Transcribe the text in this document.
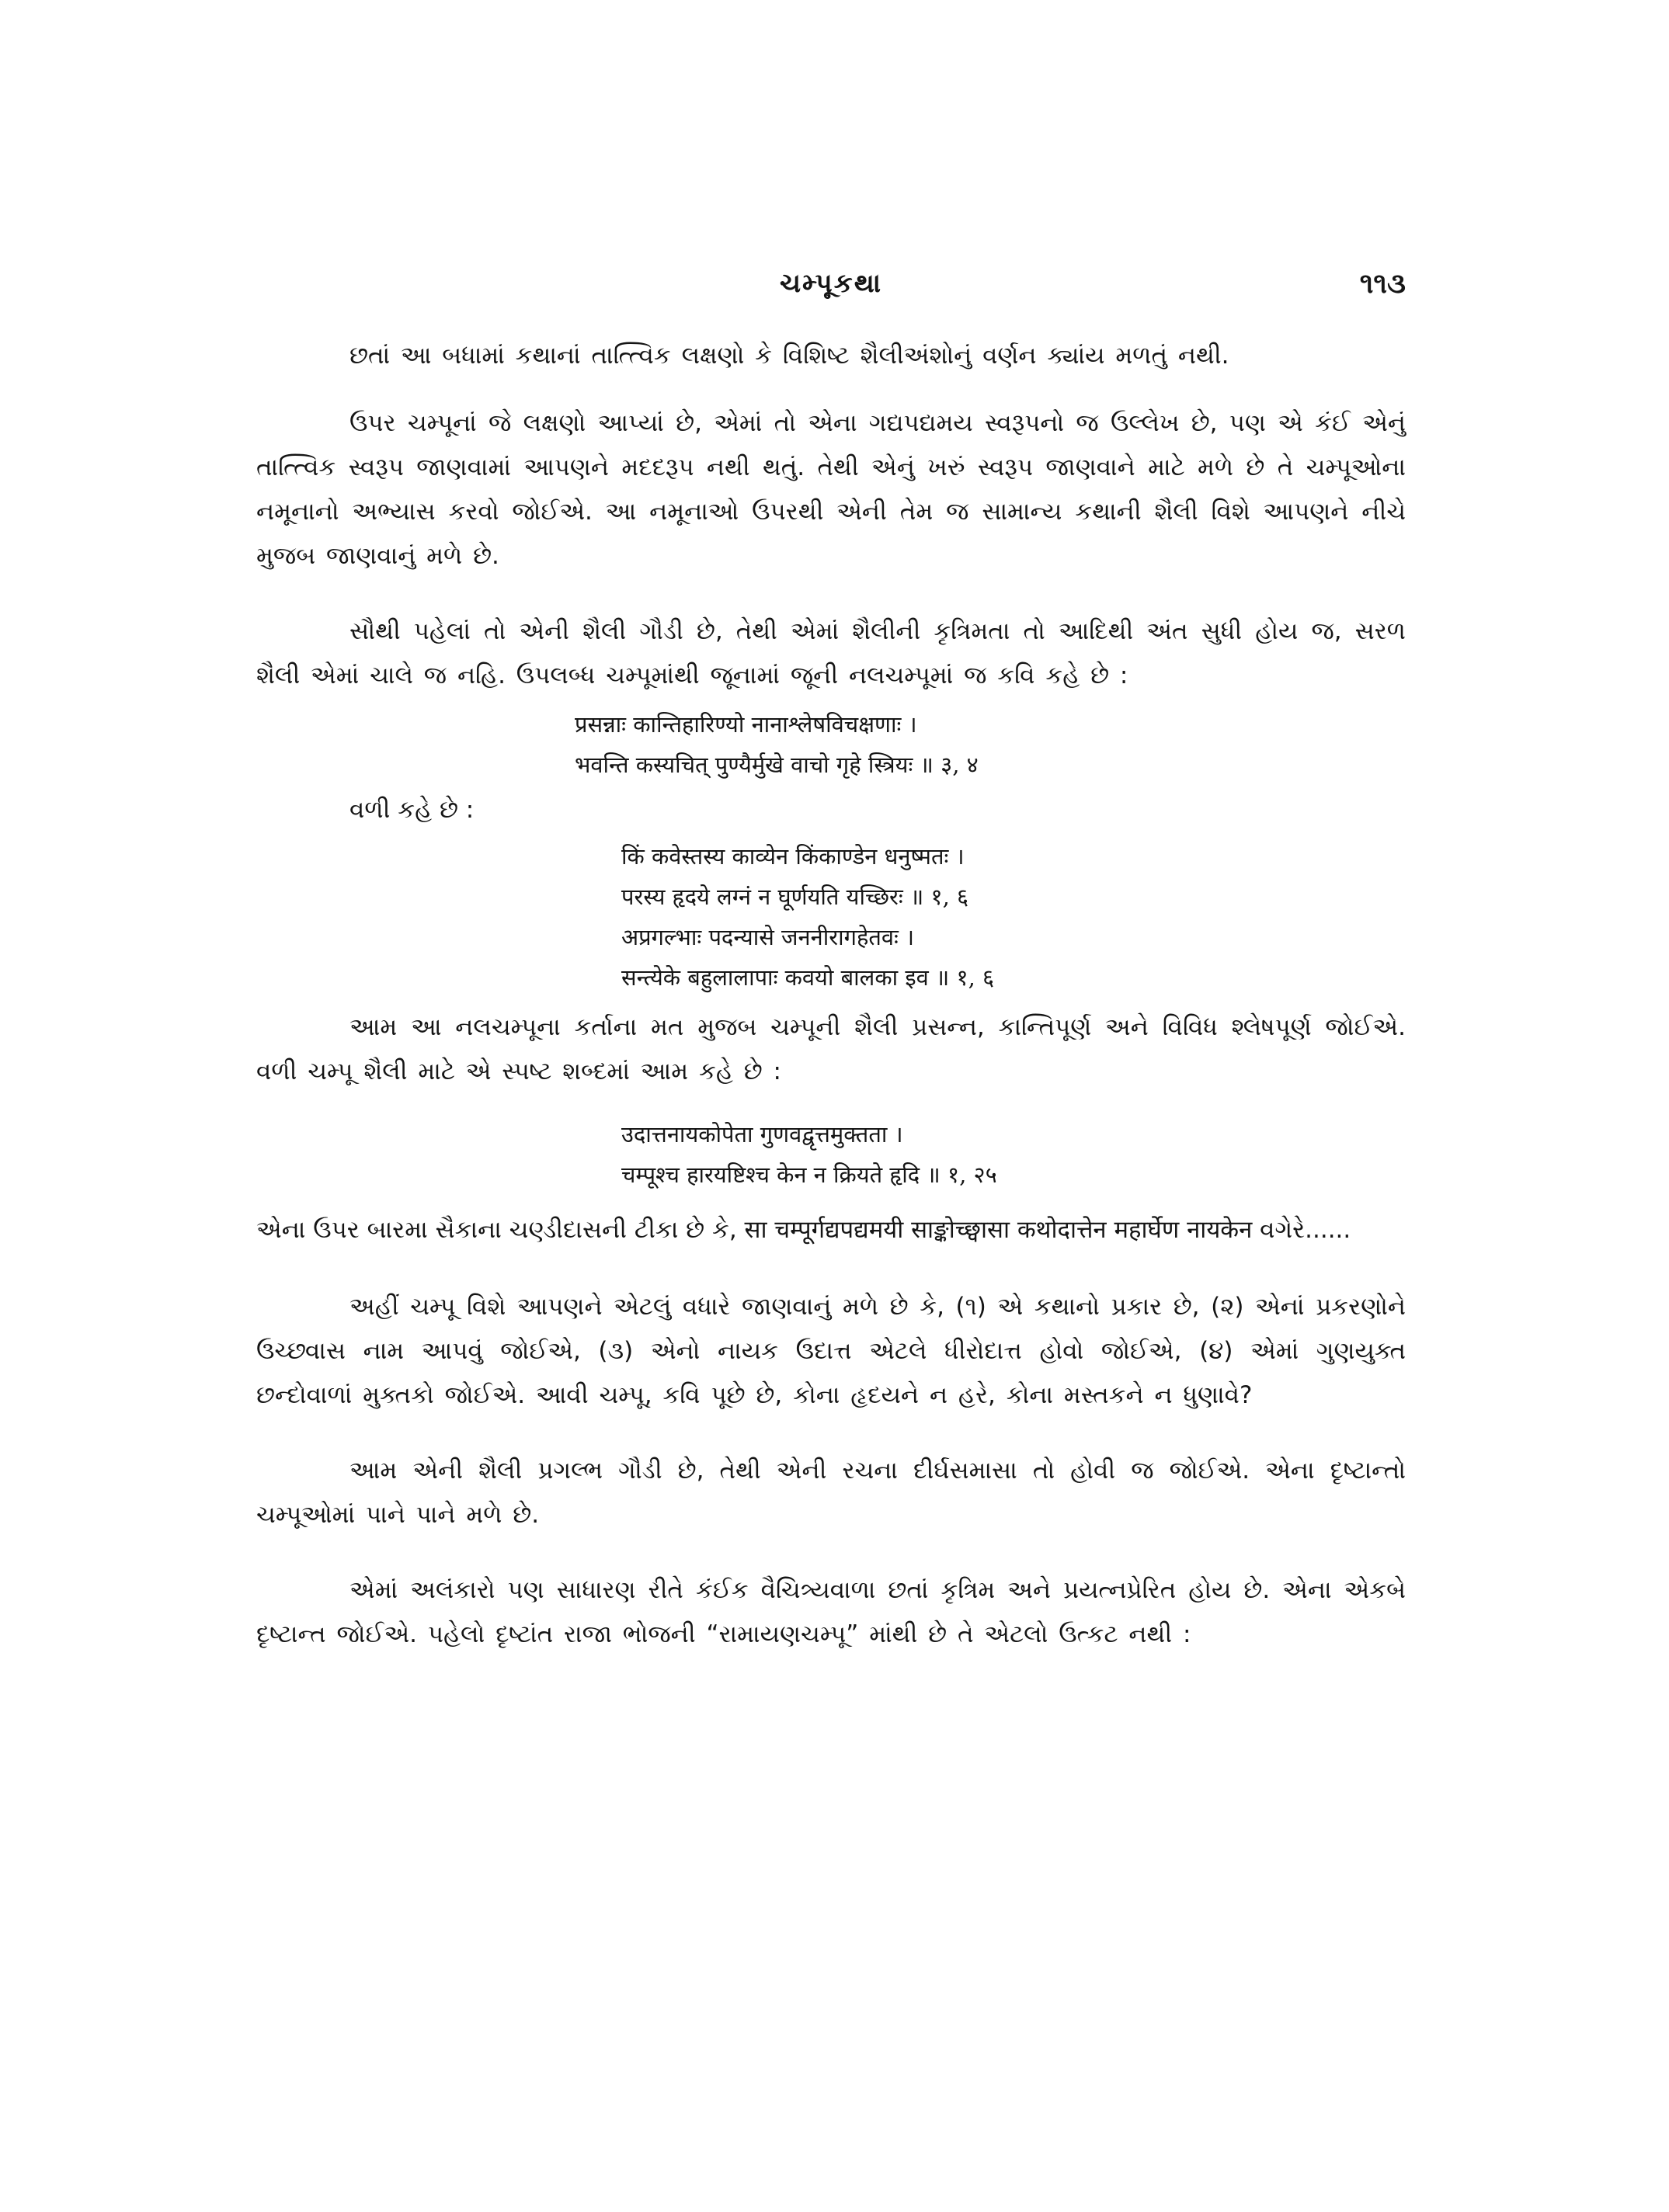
ચમ્પૂકથા	૧૧૩

છતાં આ બધામાં કથાનાં તાત્ત્વિક લક્ષણો કે વિશિષ્ટ શૈલીઅંશોનું વર્ણન ક્યાંય મળતું નથી.

ઉપર ચમ્પૂનાં જે લક્ષણો આપ્યાં છે, એમાં તો એના ગદ્યપદ્યમય સ્વરૂપનો જ ઉલ્લેખ છે, પણ એ કંઈ એનું તાત્ત્વિક સ્વરૂપ જાણવામાં આપણને મદદરૂપ નથી થતું. તેથી એનું ખરું સ્વરૂપ જાણવાને માટે મળે છે તે ચમ્પૂઓના નમૂનાનો અભ્યાસ કરવો જોઈએ. આ નમૂનાઓ ઉપરથી એની તેમ જ સામાન્ય કથાની શૈલી વિશે આપણને નીચે મુજબ જાણવાનું મળે છે.

સૌથી પહેલાં તો એની શૈલી ગૌડી છે, તેથી એમાં શૈલીની કૃત્રિમતા તો આદિથી અંત સુધી હોય જ, સરળ શૈલી એમાં ચાલે જ નહિ. ઉપલબ્ધ ચમ્પૂમાંથી જૂનામાં જૂની નલચમ્પૂમાં જ કવિ કહે છે :

प्रसन्नाः कान्तिहारिण्यो नानाश्लेषविचक्षणाः ।

भवन्ति कस्यचित् पुण्यैर्मुखे वाचो गृहे स्त्रियः ॥ ३, ४

વળી કહે છે :

किं कवेस्तस्य काव्येन किंकाण्डेन धनुष्मतः ।

परस्य हृदये लग्नं न घूर्णयति यच्छिरः ॥ १, ६

अप्रगल्भाः पदन्यासे जननीरागहेतवः ।

सन्त्येके बहुलालापाः कवयो बालका इव ॥ १, ६

આમ આ નલચમ્પૂના કર્તાના મત મુજબ ચમ્પૂની શૈલી પ્રસન્ન, કાન્તિપૂર્ણ અને વિવિધ શ્લેષપૂર્ણ જોઈએ. વળી ચમ્પૂ શૈલી માટે એ સ્પષ્ટ શબ્દમાં આમ કહે છે :

उदात्तनायकोपेता गुणवद्वृत्तमुक्तता ।

चम्पूश्च हारयष्टिश्च केन न क्रियते हृदि ॥ १, २५

એના ઉપર બારમા સૈકાના ચણ્ડીદાસની ટીકા છે કે, सा चम्पूर्गद्यपद्यमयी साङ्कोच्छ्वासा कथोदात्तेन महार्घेण नायकेन વગેરે......

અહીં ચમ્પૂ વિશે આપણને એટલું વધારે જાણવાનું મળે છે કે, (૧) એ કથાનો પ્રકાર છે, (૨) એનાં પ્રકરણોને ઉચ્છ્વાસ નામ આપવું જોઈએ, (૩) એનો નાયક ઉદાત્ત એટલે ધીરોદાત્ત હોવો જોઈએ, (૪) એમાં ગુણયુક્ત છન્દોવાળાં મુક્તકો જોઈએ. આવી ચમ્પૂ, કવિ પૂછે છે, કોના હૃદયને ન હરે, કોના મસ્તકને ન ધુણાવે?

આમ એની શૈલી પ્રગલ્ભ ગૌડી છે, તેથી એની રચના દીર્ઘસમાસા તો હોવી જ જોઈએ. એના દૃષ્ટાન્તો ચમ્પૂઓમાં પાને પાને મળે છે.

એમાં અલંકારો પણ સાધારણ રીતે કંઈક વૈચિત્ર્યવાળા છતાં કૃત્રિમ અને પ્રયત્નપ્રેરિત હોય છે. એના એકબે દૃષ્ટાન્ત જોઈએ. પહેલો દૃષ્ટાંત રાજા ભોજની “રામાયણચમ્પૂ” માંથી છે તે એટલો ઉત્કટ નથી :
